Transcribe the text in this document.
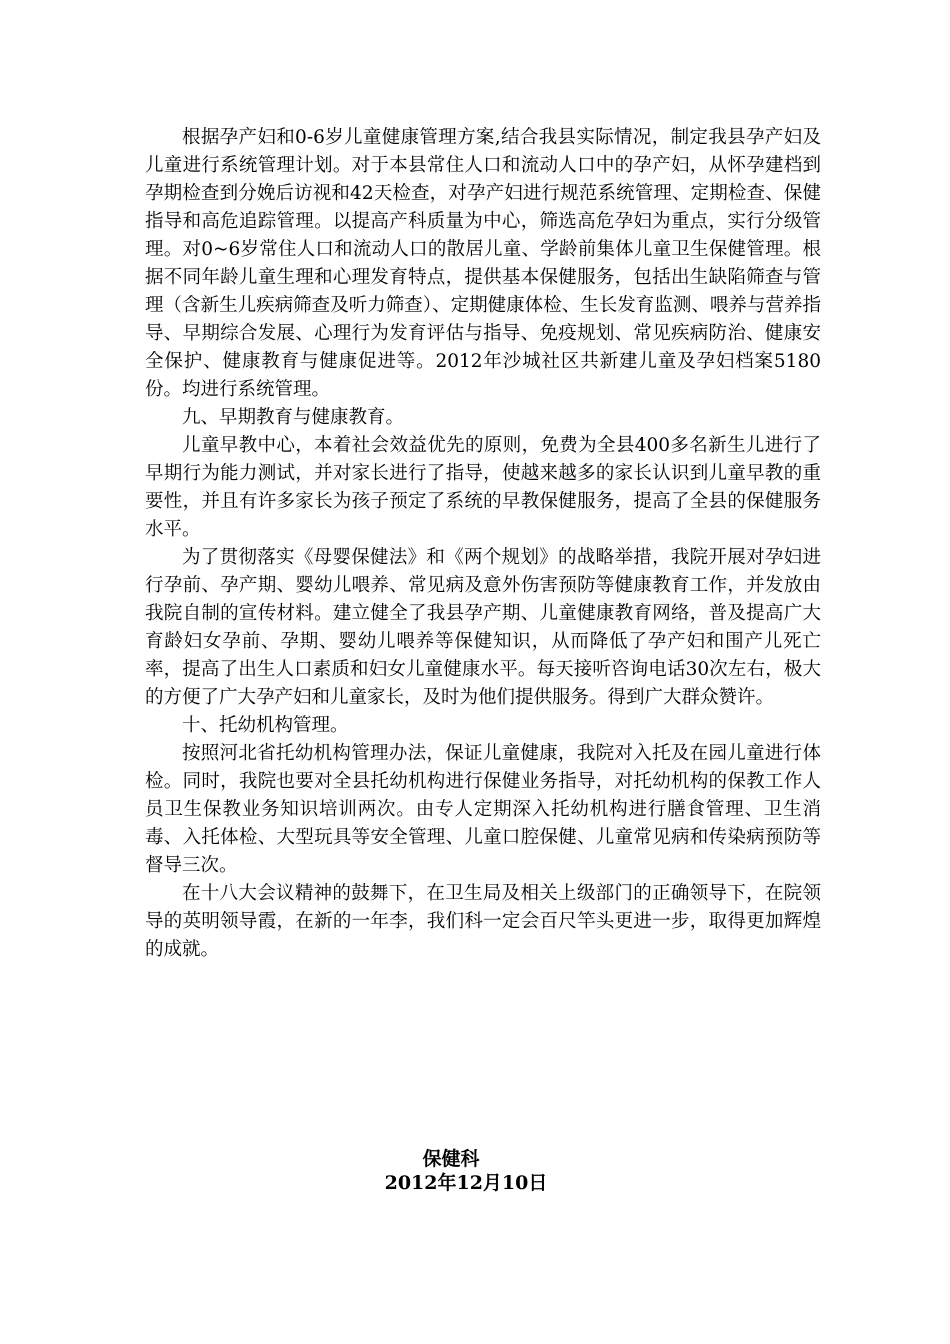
根据孕产妇和0-6岁儿童健康管理方案,结合我县实际情况，制定我县孕产妇及儿童进行系统管理计划。对于本县常住人口和流动人口中的孕产妇，从怀孕建档到孕期检查到分娩后访视和42天检查，对孕产妇进行规范系统管理、定期检查、保健指导和高危追踪管理。以提高产科质量为中心，筛选高危孕妇为重点，实行分级管理。对0~6岁常住人口和流动人口的散居儿童、学龄前集体儿童卫生保健管理。根据不同年龄儿童生理和心理发育特点，提供基本保健服务，包括出生缺陷筛查与管理（含新生儿疾病筛查及听力筛查）、定期健康体检、生长发育监测、喂养与营养指导、早期综合发展、心理行为发育评估与指导、免疫规划、常见疾病防治、健康安全保护、健康教育与健康促进等。2012年沙城社区共新建儿童及孕妇档案5180份。均进行系统管理。

九、早期教育与健康教育。

儿童早教中心，本着社会效益优先的原则，免费为全县400多名新生儿进行了早期行为能力测试，并对家长进行了指导，使越来越多的家长认识到儿童早教的重要性，并且有许多家长为孩子预定了系统的早教保健服务，提高了全县的保健服务水平。

为了贯彻落实《母婴保健法》和《两个规划》的战略举措，我院开展对孕妇进行孕前、孕产期、婴幼儿喂养、常见病及意外伤害预防等健康教育工作，并发放由我院自制的宣传材料。建立健全了我县孕产期、儿童健康教育网络，普及提高广大育龄妇女孕前、孕期、婴幼儿喂养等保健知识，从而降低了孕产妇和围产儿死亡率，提高了出生人口素质和妇女儿童健康水平。每天接听咨询电话30次左右，极大的方便了广大孕产妇和儿童家长，及时为他们提供服务。得到广大群众赞许。

十、托幼机构管理。

按照河北省托幼机构管理办法，保证儿童健康，我院对入托及在园儿童进行体检。同时，我院也要对全县托幼机构进行保健业务指导，对托幼机构的保教工作人员卫生保教业务知识培训两次。由专人定期深入托幼机构进行膳食管理、卫生消毒、入托体检、大型玩具等安全管理、儿童口腔保健、儿童常见病和传染病预防等督导三次。

在十八大会议精神的鼓舞下，在卫生局及相关上级部门的正确领导下，在院领导的英明领导霞，在新的一年李，我们科一定会百尺竿头更进一步，取得更加辉煌的成就。

保健科
2012年12月10日
